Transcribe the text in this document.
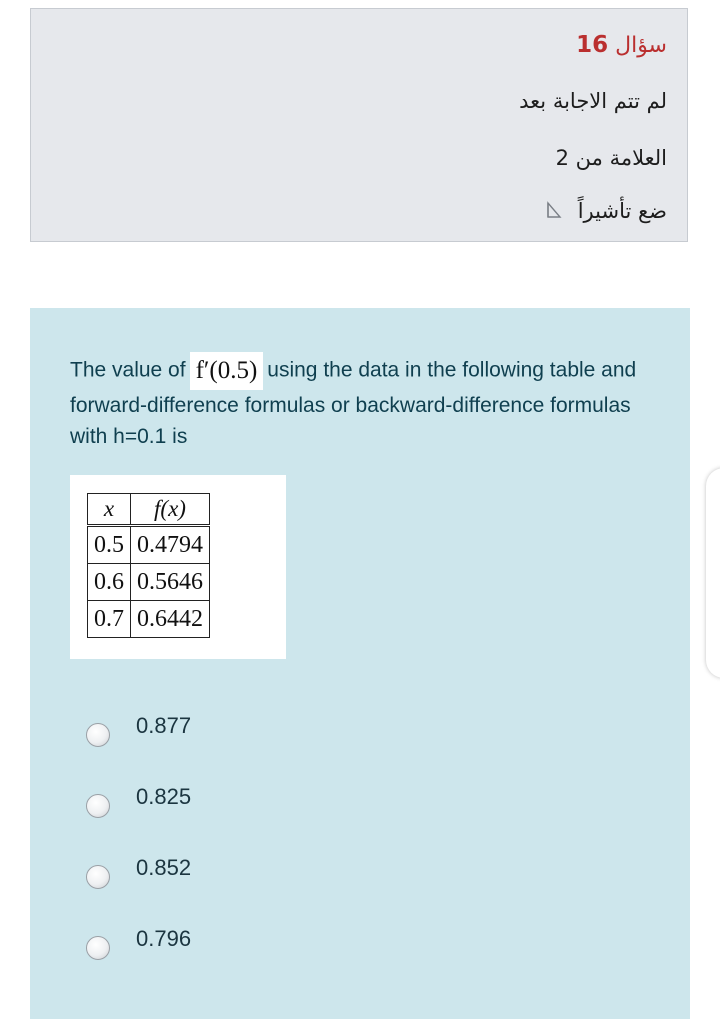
سؤال 16
لم تتم الاجابة بعد
العلامة من 2
ضع تأشيراً
The value of f′(0.5) using the data in the following table and forward-difference formulas or backward-difference formulas with h=0.1 is
x	f(x)
0.5	0.4794
0.6	0.5646
0.7	0.6442
0.877
0.825
0.852
0.796
